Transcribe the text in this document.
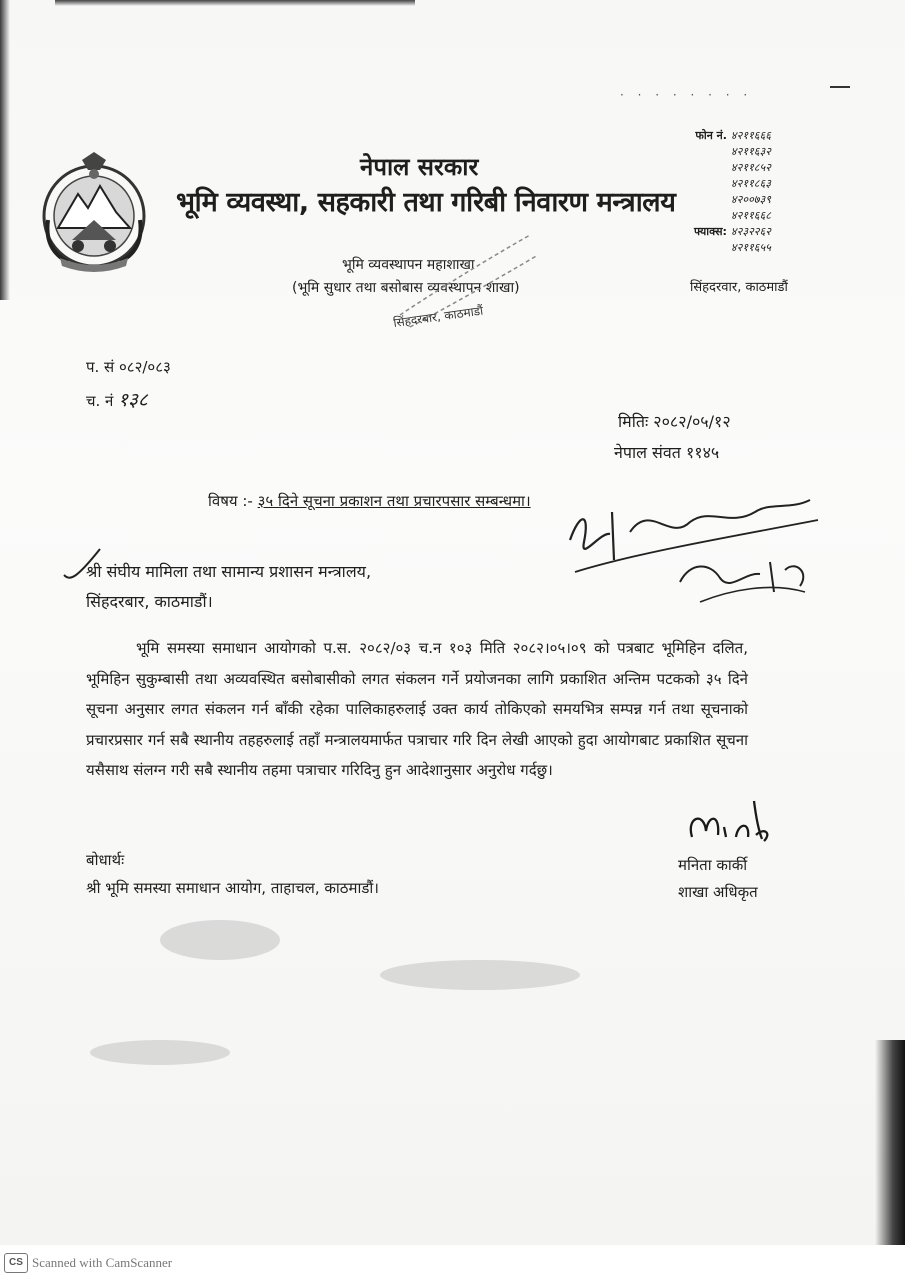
· · · · · · · ·
नेपाल सरकार
भूमि व्यवस्था, सहकारी तथा गरिबी निवारण मन्त्रालय
भूमि व्यवस्थापन महाशाखा
(भूमि सुधार तथा बसोबास व्यवस्थापन शाखा)
सिंहदरबार, काठमाडौं
फोन नं. ४२११६६६
४२११६३२
४२११८५२
४२११८६३
४२००७३९
४२११६६८
फ्याक्स: ४२३२२६२
४२११६५५
सिंहदरवार, काठमाडौं
प. सं ०८२/०८३
च. नं १३८
मितिः २०८२/०५/१२
नेपाल संवत ११४५
विषय :- ३५ दिने सूचना प्रकाशन तथा प्रचारपसार सम्बन्धमा।
श्री संघीय मामिला तथा सामान्य प्रशासन मन्त्रालय,
सिंहदरबार, काठमाडौं।
भूमि समस्या समाधान आयोगको प.स. २०८२/०३ च.न १०३ मिति २०८२।०५।०९ को पत्रबाट भूमिहिन दलित, भूमिहिन सुकुम्बासी तथा अव्यवस्थित बसोबासीको लगत संकलन गर्ने प्रयोजनका लागि प्रकाशित अन्तिम पटकको ३५ दिने सूचना अनुसार लगत संकलन गर्न बाँकी रहेका पालिकाहरुलाई उक्त कार्य तोकिएको समयभित्र सम्पन्न गर्न तथा सूचनाको प्रचारप्रसार गर्न सबै स्थानीय तहहरुलाई तहाँ मन्त्रालयमार्फत पत्राचार गरि दिन लेखी आएको हुदा आयोगबाट प्रकाशित सूचना यसैसाथ संलग्न गरी सबै स्थानीय तहमा पत्राचार गरिदिनु हुन आदेशानुसार अनुरोध गर्दछु।
मनिता कार्की
शाखा अधिकृत
बोधार्थः
श्री भूमि समस्या समाधान आयोग, ताहाचल, काठमाडौं।
CS Scanned with CamScanner
